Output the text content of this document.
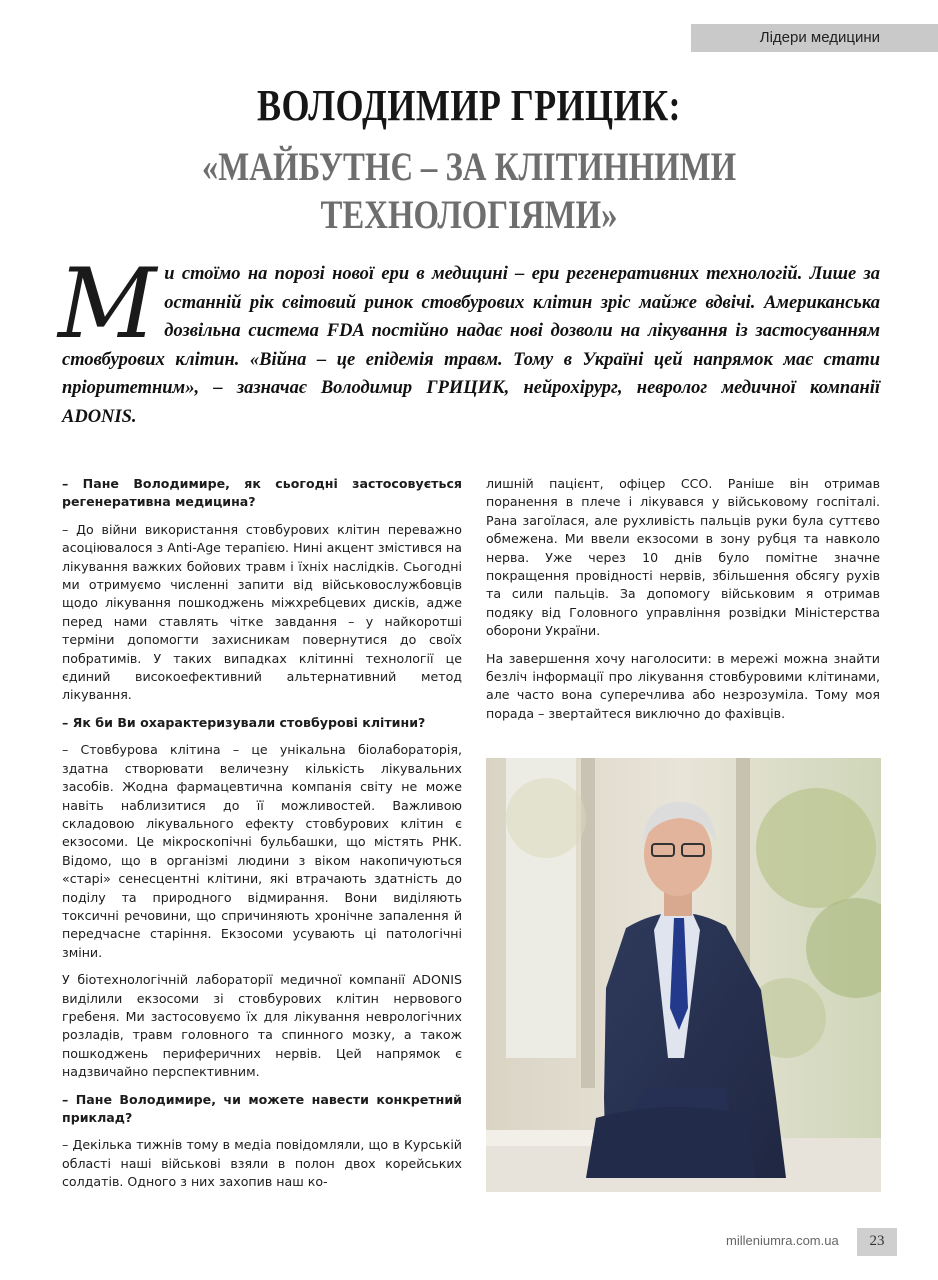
Лідери медицини
ВОЛОДИМИР ГРИЦИК:
«МАЙБУТНЄ – ЗА КЛІТИННИМИ
ТЕХНОЛОГІЯМИ»

Ми стоїмо на порозі нової ери в медицині – ери регенеративних технологій. Лише за останній рік світовий ринок стовбурових клітин зріс майже вдвічі. Американська дозвільна система FDA постійно надає нові дозволи на лікування із застосуванням стовбурових клітин. «Війна – це епідемія травм. Тому в Україні цей напрямок має стати пріоритетним», – зазначає Володимир ГРИЦИК, нейрохірург, невролог медичної компанії ADONIS.

– Пане Володимире, як сьогодні застосовується регенеративна медицина?

– До війни використання стовбурових клітин переважно асоціювалося з Anti-Age терапією. Нині акцент змістився на лікування важких бойових травм і їхніх наслідків. Сьогодні ми отримуємо численні запити від військовослужбовців щодо лікування пошкоджень міжхребцевих дисків, адже перед нами ставлять чітке завдання – у найкоротші терміни допомогти захисникам повернутися до своїх побратимів. У таких випадках клітинні технології це єдиний високоефективний альтернативний метод лікування.

– Як би Ви охарактеризували стовбурові клітини?

– Стовбурова клітина – це унікальна біолабораторія, здатна створювати величезну кількість лікувальних засобів. Жодна фармацевтична компанія світу не може навіть наблизитися до її можливостей. Важливою складовою лікувального ефекту стовбурових клітин є екзосоми. Це мікроскопічні бульбашки, що містять РНК. Відомо, що в організмі людини з віком накопичуються «старі» сенесцентні клітини, які втрачають здатність до поділу та природного відмирання. Вони виділяють токсичні речовини, що спричиняють хронічне запалення й передчасне старіння. Екзосоми усувають ці патологічні зміни.

У біотехнологічній лабораторії медичної компанії ADONIS виділили екзосоми зі стовбурових клітин нервового гребеня. Ми застосовуємо їх для лікування неврологічних розладів, травм головного та спинного мозку, а також пошкоджень периферичних нервів. Цей напрямок є надзвичайно перспективним.

– Пане Володимире, чи можете навести конкретний приклад?

– Декілька тижнів тому в медіа повідомляли, що в Курській області наші військові взяли в полон двох корейських солдатів. Одного з них захопив наш ко-

лишній пацієнт, офіцер ССО. Раніше він отримав поранення в плече і лікувався у військовому госпіталі. Рана загоїлася, але рухливість пальців руки була суттєво обмежена. Ми ввели екзосоми в зону рубця та навколо нерва. Уже через 10 днів було помітне значне покращення провідності нервів, збільшення обсягу рухів та сили пальців. За допомогу військовим я отримав подяку від Головного управління розвідки Міністерства оборони України.

На завершення хочу наголосити: в мережі можна знайти безліч інформації про лікування стовбуровими клітинами, але часто вона суперечлива або незрозуміла. Тому моя порада – звертайтеся виключно до фахівців.

milleniumra.com.ua	23
